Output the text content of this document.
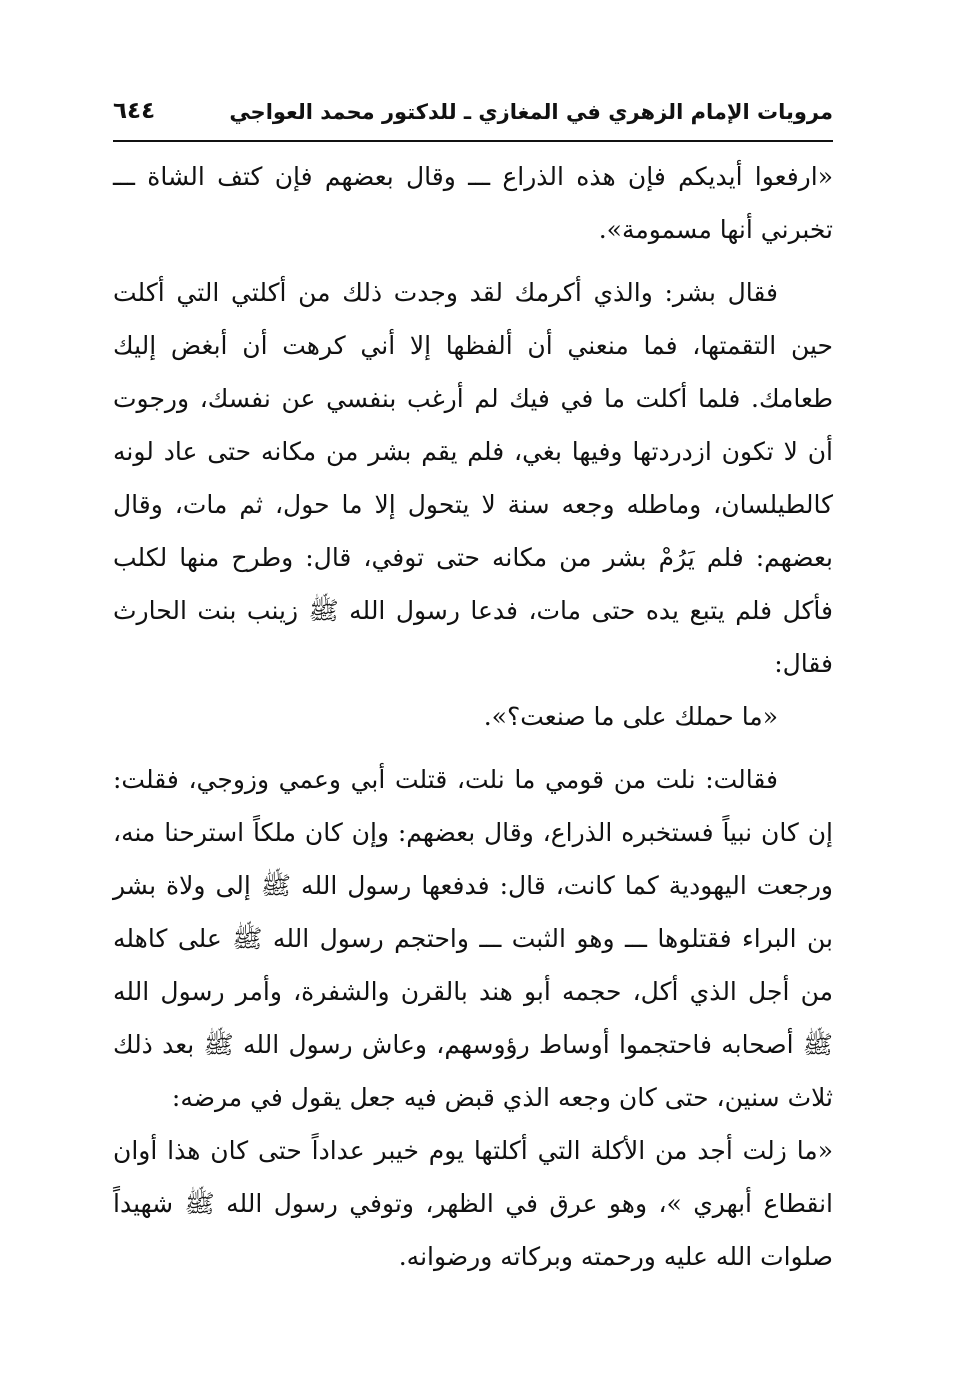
مرويات الإمام الزهري في المغازي ـ للدكتور محمد العواجي
٦٤٤

«ارفعوا أيديكم فإن هذه الذراع ـــ وقال بعضهم فإن كتف الشاة ـــ تخبرني أنها مسمومة».

فقال بشر: والذي أكرمك لقد وجدت ذلك من أكلتي التي أكلت حين التقمتها، فما منعني أن ألفظها إلا أني كرهت أن أبغض إليك طعامك. فلما أكلت ما في فيك لم أرغب بنفسي عن نفسك، ورجوت أن لا تكون ازدردتها وفيها بغي، فلم يقم بشر من مكانه حتى عاد لونه كالطيلسان، وماطله وجعه سنة لا يتحول إلا ما حول، ثم مات، وقال بعضهم: فلم يَرُمْ بشر من مكانه حتى توفي، قال: وطرح منها لكلب فأكل فلم يتبع يده حتى مات، فدعا رسول الله ﷺ زينب بنت الحارث فقال:

«ما حملك على ما صنعت؟».

فقالت: نلت من قومي ما نلت، قتلت أبي وعمي وزوجي، فقلت: إن كان نبياً فستخبره الذراع، وقال بعضهم: وإن كان ملكاً استرحنا منه، ورجعت اليهودية كما كانت، قال: فدفعها رسول الله ﷺ إلى ولاة بشر بن البراء فقتلوها ـــ وهو الثبت ـــ واحتجم رسول الله ﷺ على كاهله من أجل الذي أكل، حجمه أبو هند بالقرن والشفرة، وأمر رسول الله ﷺ أصحابه فاحتجموا أوساط رؤوسهم، وعاش رسول الله ﷺ بعد ذلك ثلاث سنين، حتى كان وجعه الذي قبض فيه جعل يقول في مرضه:

«ما زلت أجد من الأكلة التي أكلتها يوم خيبر عداداً حتى كان هذا أوان انقطاع أبهري »، وهو عرق في الظهر، وتوفي رسول الله ﷺ شهيداً صلوات الله عليه ورحمته وبركاته ورضوانه.
